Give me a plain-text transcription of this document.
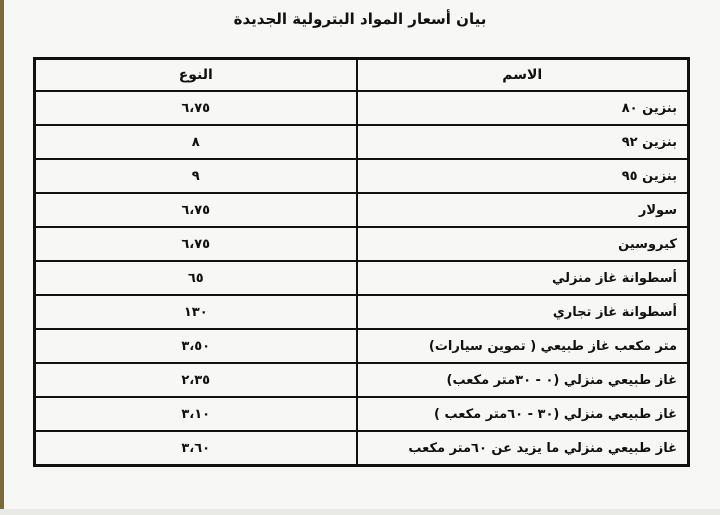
بيان أسعار المواد البترولية الجديدة
الاسم	النوع
بنزين ٨٠	٦،٧٥
بنزين ٩٢	٨
بنزين ٩٥	٩
سولار	٦،٧٥
كيروسين	٦،٧٥
أسطوانة غاز منزلي	٦٥
أسطوانة غاز تجاري	١٣٠
متر مكعب غاز طبيعي ( تموين سيارات)	٣،٥٠
غاز طبيعي منزلي (٠ - ٣٠متر مكعب)	٢،٣٥
غاز طبيعي منزلي (٣٠ - ٦٠متر مكعب )	٣،١٠
غاز طبيعي منزلي ما يزيد عن ٦٠متر مكعب	٣،٦٠
